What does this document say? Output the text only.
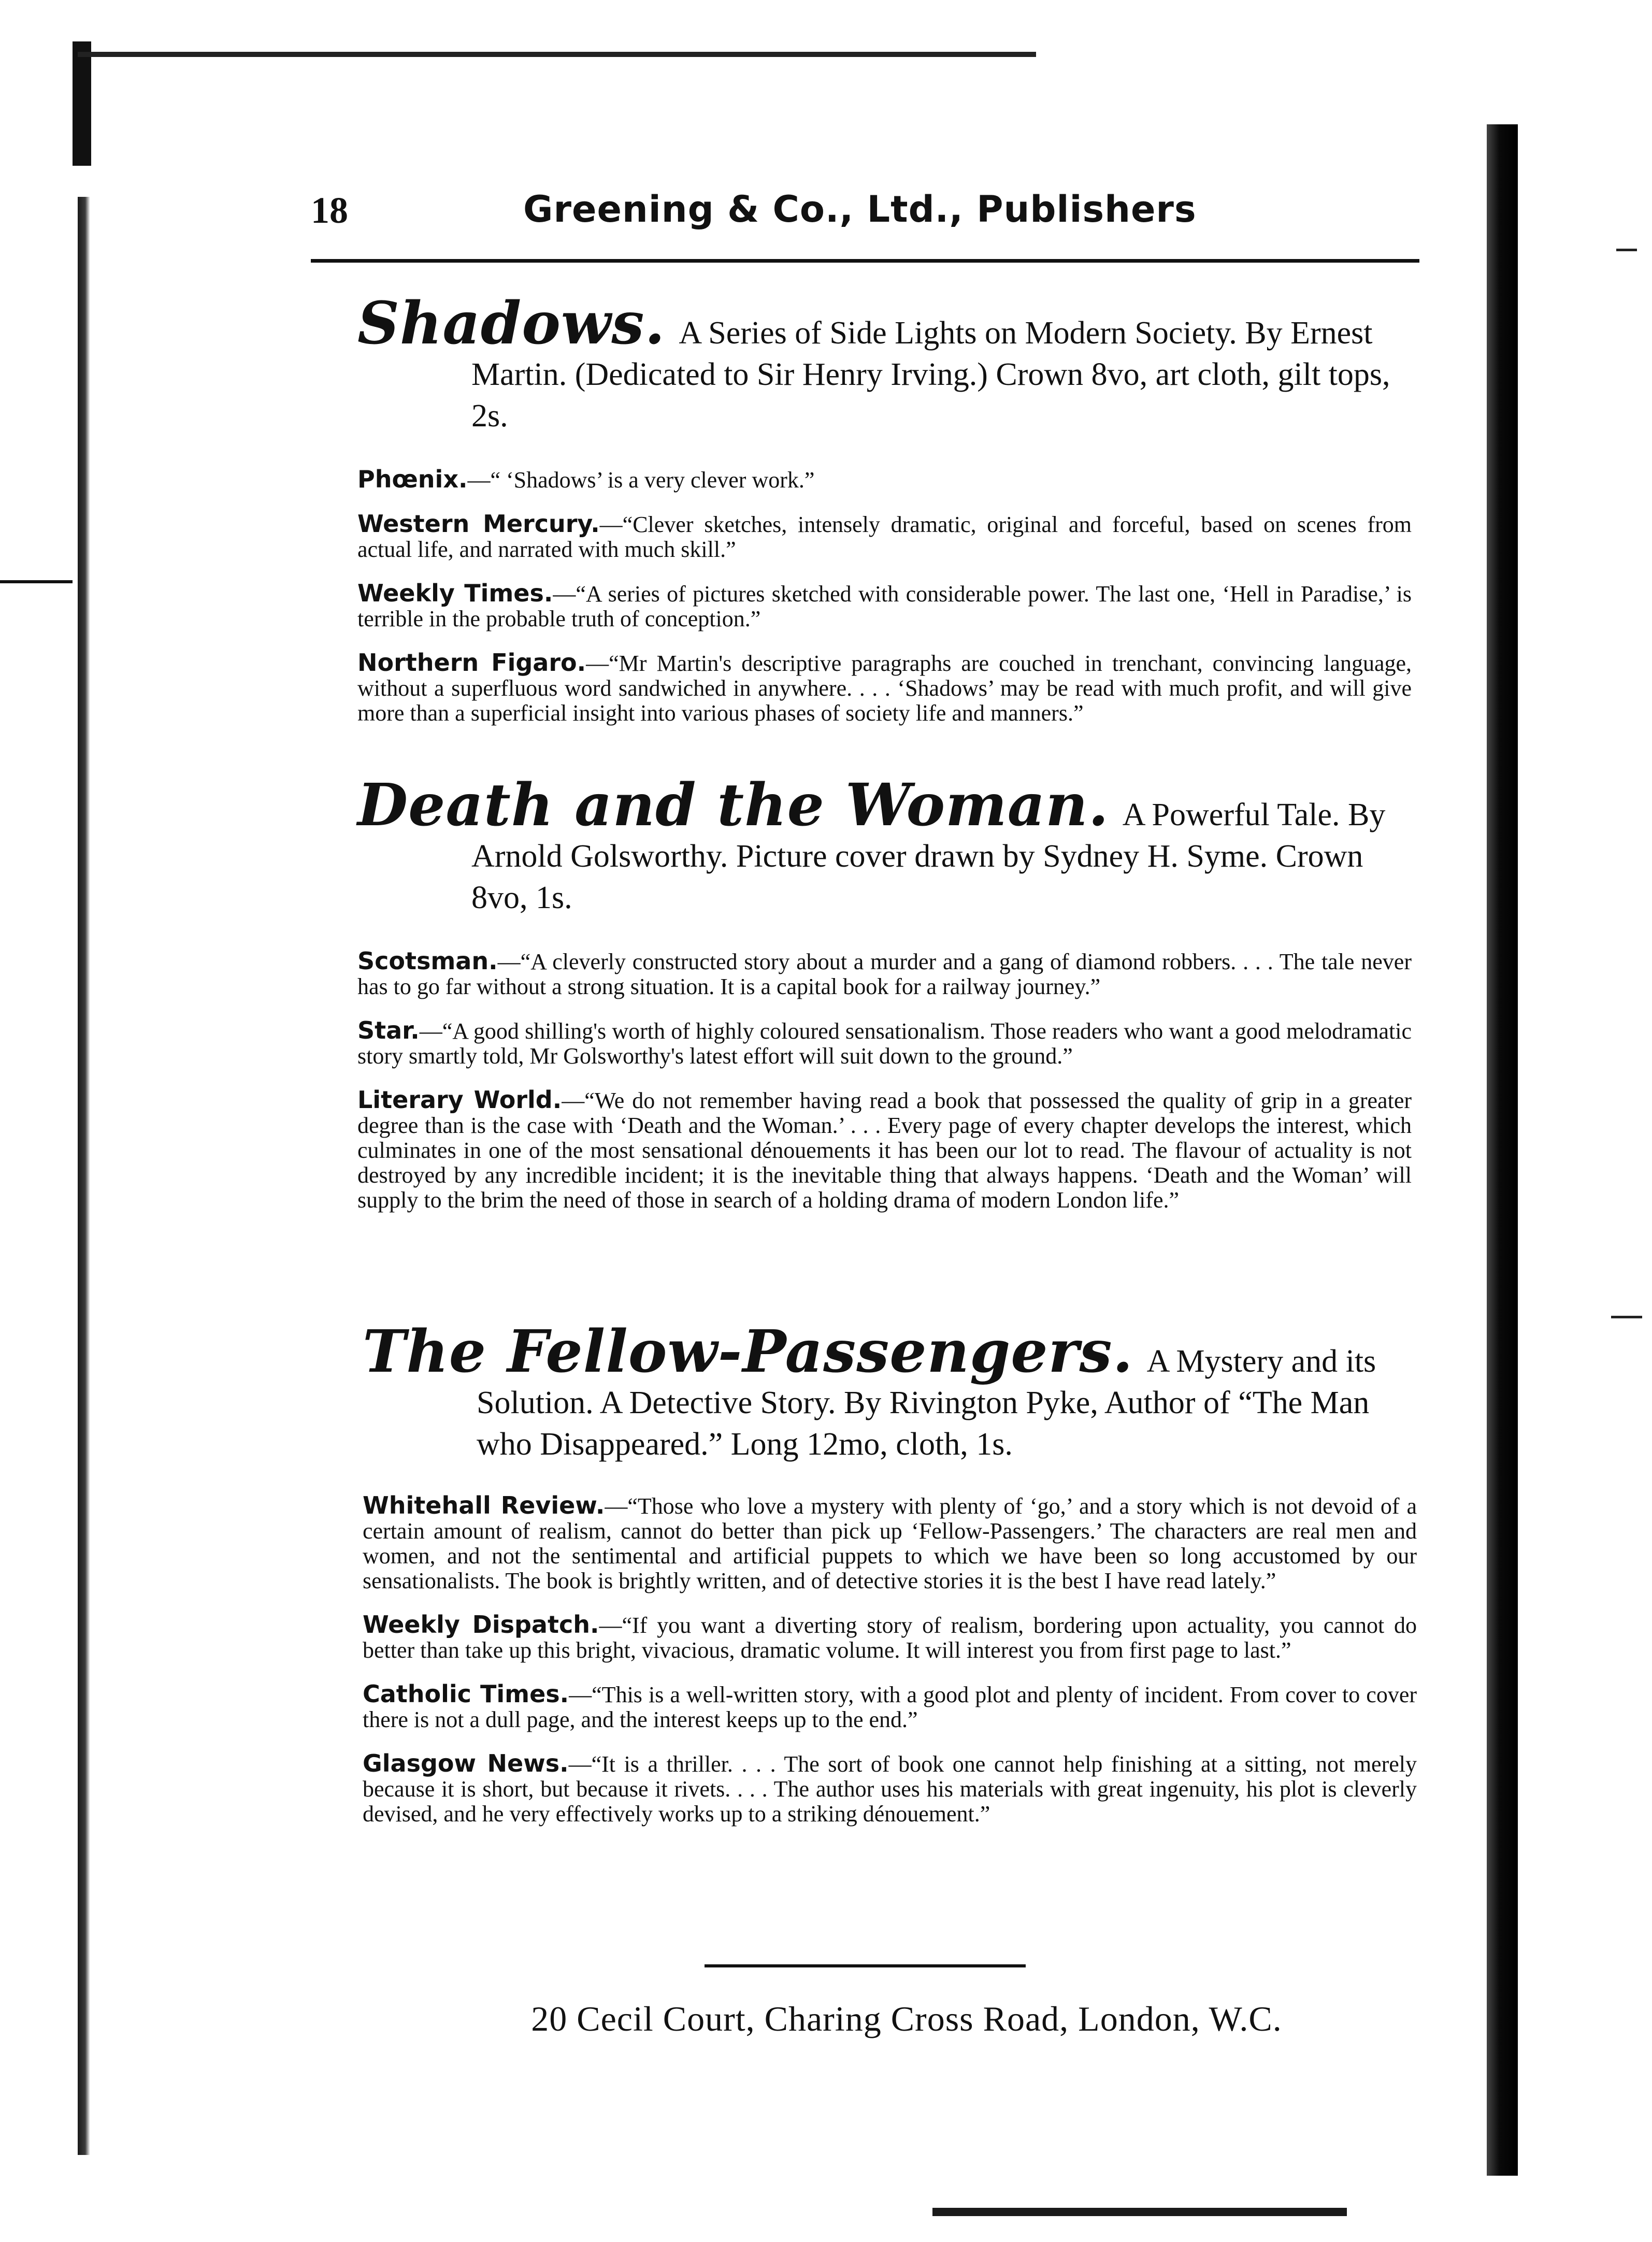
18	Greening & Co., Ltd., Publishers

Shadows. A Series of Side Lights on Modern Society. By Ernest Martin. (Dedicated to Sir Henry Irving.) Crown 8vo, art cloth, gilt tops, 2s.

Phœnix.—“ ‘Shadows’ is a very clever work.”

Western Mercury.—“Clever sketches, intensely dramatic, original and forceful, based on scenes from actual life, and narrated with much skill.”

Weekly Times.—“A series of pictures sketched with considerable power. The last one, ‘Hell in Paradise,’ is terrible in the probable truth of conception.”

Northern Figaro.—“Mr Martin's descriptive paragraphs are couched in trenchant, convincing language, without a superfluous word sandwiched in anywhere. . . . ‘Shadows’ may be read with much profit, and will give more than a superficial insight into various phases of society life and manners.”

Death and the Woman. A Powerful Tale. By Arnold Golsworthy. Picture cover drawn by Sydney H. Syme. Crown 8vo, 1s.

Scotsman.—“A cleverly constructed story about a murder and a gang of diamond robbers. . . . The tale never has to go far without a strong situation. It is a capital book for a railway journey.”

Star.—“A good shilling's worth of highly coloured sensationalism. Those readers who want a good melodramatic story smartly told, Mr Golsworthy's latest effort will suit down to the ground.”

Literary World.—“We do not remember having read a book that possessed the quality of grip in a greater degree than is the case with ‘Death and the Woman.’ . . . Every page of every chapter develops the interest, which culminates in one of the most sensational dénouements it has been our lot to read. The flavour of actuality is not destroyed by any incredible incident; it is the inevitable thing that always happens. ‘Death and the Woman’ will supply to the brim the need of those in search of a holding drama of modern London life.”

The Fellow-Passengers. A Mystery and its Solution. A Detective Story. By Rivington Pyke, Author of “The Man who Disappeared.” Long 12mo, cloth, 1s.

Whitehall Review.—“Those who love a mystery with plenty of ‘go,’ and a story which is not devoid of a certain amount of realism, cannot do better than pick up ‘Fellow-Passengers.’ The characters are real men and women, and not the sentimental and artificial puppets to which we have been so long accustomed by our sensationalists. The book is brightly written, and of detective stories it is the best I have read lately.”

Weekly Dispatch.—“If you want a diverting story of realism, bordering upon actuality, you cannot do better than take up this bright, vivacious, dramatic volume. It will interest you from first page to last.”

Catholic Times.—“This is a well-written story, with a good plot and plenty of incident. From cover to cover there is not a dull page, and the interest keeps up to the end.”

Glasgow News.—“It is a thriller. . . . The sort of book one cannot help finishing at a sitting, not merely because it is short, but because it rivets. . . . The author uses his materials with great ingenuity, his plot is cleverly devised, and he very effectively works up to a striking dénouement.”

20 Cecil Court, Charing Cross Road, London, W.C.
